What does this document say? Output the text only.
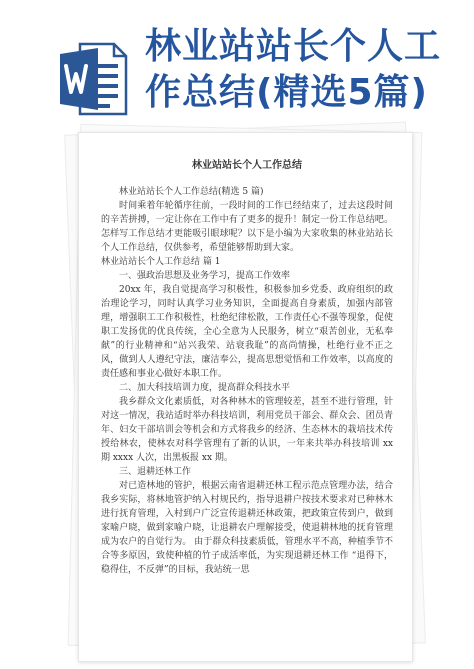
林业站站长个人工作总结(精选5篇)
林业站站长个人工作总结

林业站站长个人工作总结(精选 5 篇)

时间乘着年轮循序往前，一段时间的工作已经结束了，过去这段时间的辛苦拼搏，一定让你在工作中有了更多的提升！制定一份工作总结吧。怎样写工作总结才更能吸引眼球呢？以下是小编为大家收集的林业站站长个人工作总结，仅供参考，希望能够帮助到大家。

林业站站长个人工作总结 篇 1

一、强政治思想及业务学习，提高工作效率

20xx 年，我自觉提高学习积极性，积极参加乡党委、政府组织的政治理论学习，同时认真学习业务知识，全面提高自身素质，加强内部管理，增强职工工作积极性，杜绝纪律松散，工作责任心不强等现象，促使职工发扬优的优良传统，全心全意为人民服务，树立“艰苦创业，无私奉献”的行业精神和“站兴我荣、站衰我耻”的高尚情操，杜绝行业不正之风，做到人人遵纪守法，廉洁奉公，提高思想觉悟和工作效率，以高度的责任感和事业心做好本职工作。

二、加大科技培训力度，提高群众科技水平

我乡群众文化素质低，对各种林木的管理较差，甚至不进行管理，针对这一情况，我站适时举办科技培训，利用党员干部会、群众会、团员青年、妇女干部培训会等机会和方式将我乡的经济、生态林木的栽培技术传授给林农，使林农对科学管理有了新的认识，一年来共举办科技培训 xx 期 xxxx 人次，出黑板报 xx 期。

三、退耕还林工作

对已造林地的管护，根据云南省退耕还林工程示范点管理办法，结合我乡实际，将林地管护纳入村规民约，指导退耕户按技术要求对已种林木进行抚育管理，入村到户广泛宣传退耕还林政策，把政策宣传到户，做到家喻户晓，做到家喻户晓，让退耕农户理解接受，使退耕林地的抚育管理成为农户的自觉行为。 由于群众科技素质低，管理水平不高，种植季节不合等多原因，致使种植的竹子成活率低，为实现退耕还林工作 “退得下，稳得住，不反弹”的目标，我站统一思
